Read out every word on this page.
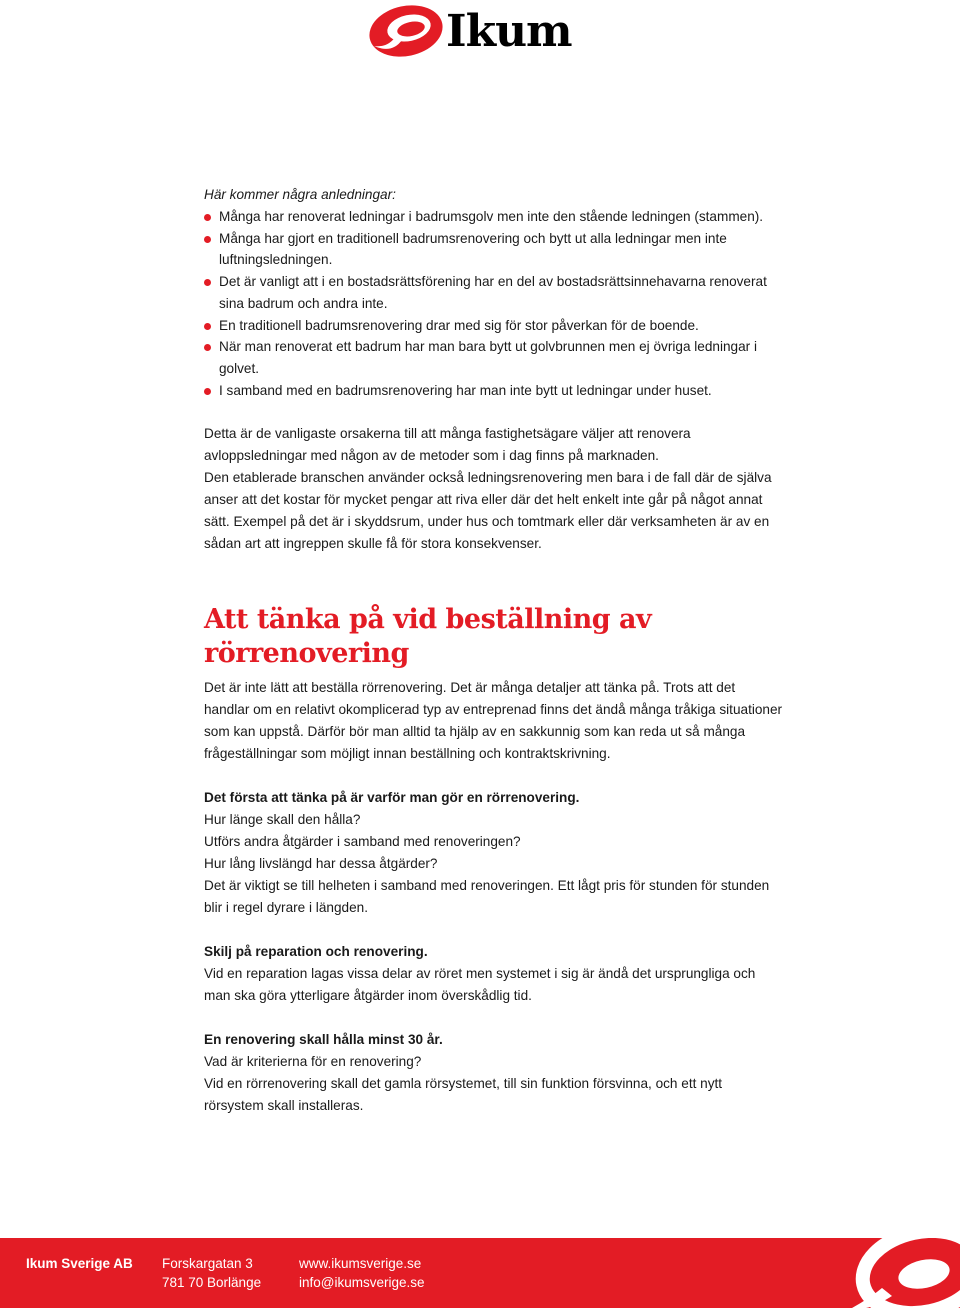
Ikum

Här kommer några anledningar:

Många har renoverat ledningar i badrumsgolv men inte den stående ledningen (stammen).
Många har gjort en traditionell badrumsrenovering och bytt ut alla ledningar men inte luftningsledningen.
Det är vanligt att i en bostadsrättsförening har en del av bostadsrättsinnehavarna renoverat sina badrum och andra inte.
En traditionell badrumsrenovering drar med sig för stor påverkan för de boende.
När man renoverat ett badrum har man bara bytt ut golvbrunnen men ej övriga ledningar i golvet.
I samband med en badrumsrenovering har man inte bytt ut ledningar under huset.

Detta är de vanligaste orsakerna till att många fastighetsägare väljer att renovera avloppsledningar med någon av de metoder som i dag finns på marknaden.

Den etablerade branschen använder också ledningsrenovering men bara i de fall där de själva anser att det kostar för mycket pengar att riva eller där det helt enkelt inte går på något annat sätt. Exempel på det är i skyddsrum, under hus och tomtmark eller där verksamheten är av en sådan art att ingreppen skulle få för stora konsekvenser.

Att tänka på vid beställning av rörrenovering

Det är inte lätt att beställa rörrenovering. Det är många detaljer att tänka på. Trots att det handlar om en relativt okomplicerad typ av entreprenad finns det ändå många tråkiga situationer som kan uppstå. Därför bör man alltid ta hjälp av en sakkunnig som kan reda ut så många frågeställningar som möjligt innan beställning och kontraktskrivning.

Det första att tänka på är varför man gör en rörrenovering.

Hur länge skall den hålla?

Utförs andra åtgärder i samband med renoveringen?

Hur lång livslängd har dessa åtgärder?

Det är viktigt se till helheten i samband med renoveringen. Ett lågt pris för stunden för stunden blir i regel dyrare i längden.

Skilj på reparation och renovering.

Vid en reparation lagas vissa delar av röret men systemet i sig är ändå det ursprungliga och man ska göra ytterligare åtgärder inom överskådlig tid.

En renovering skall hålla minst 30 år.

Vad är kriterierna för en renovering?

Vid en rörrenovering skall det gamla rörsystemet, till sin funktion försvinna, och ett nytt rörsystem skall installeras.

Ikum Sverige AB Forskargatan 3
781 70 Borlänge
www.ikumsverige.se
info@ikumsverige.se
